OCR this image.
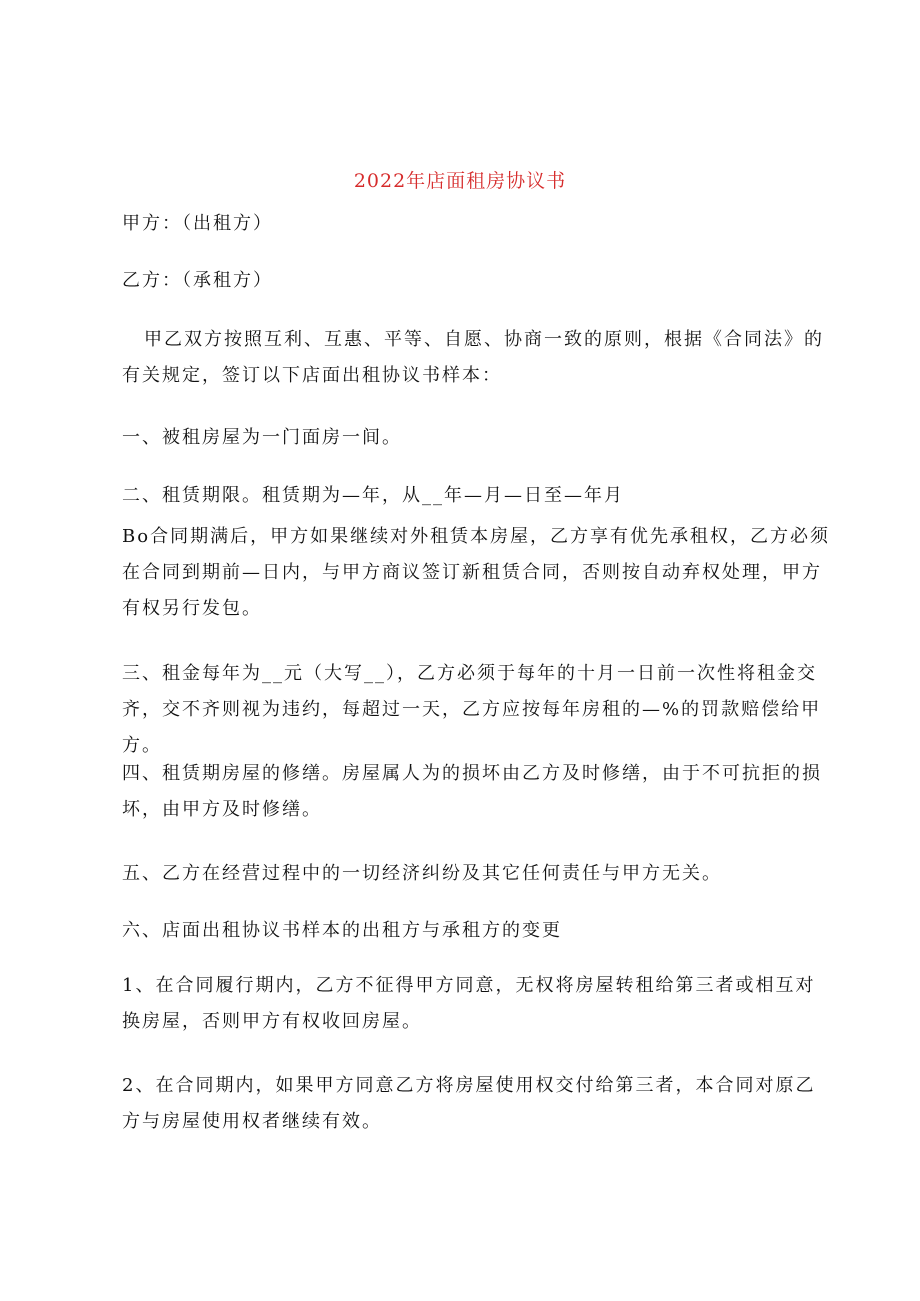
2022年店面租房协议书
甲方：（出租方）
乙方：（承租方）
甲乙双方按照互利、互惠、平等、自愿、协商一致的原则，根据《合同法》的有关规定，签订以下店面出租协议书样本：
一、被租房屋为一门面房一间。
二、租赁期限。租赁期为—年，从__年—月—日至—年月
Bo合同期满后，甲方如果继续对外租赁本房屋，乙方享有优先承租权，乙方必须在合同到期前—日内，与甲方商议签订新租赁合同，否则按自动弃权处理，甲方有权另行发包。
三、租金每年为__元（大写__），乙方必须于每年的十月一日前一次性将租金交齐，交不齐则视为违约，每超过一天，乙方应按每年房租的—%的罚款赔偿给甲方。
四、租赁期房屋的修缮。房屋属人为的损坏由乙方及时修缮，由于不可抗拒的损坏，由甲方及时修缮。
五、乙方在经营过程中的一切经济纠纷及其它任何责任与甲方无关。
六、店面出租协议书样本的出租方与承租方的变更
1、在合同履行期内，乙方不征得甲方同意，无权将房屋转租给第三者或相互对换房屋，否则甲方有权收回房屋。
2、在合同期内，如果甲方同意乙方将房屋使用权交付给第三者，本合同对原乙方与房屋使用权者继续有效。
